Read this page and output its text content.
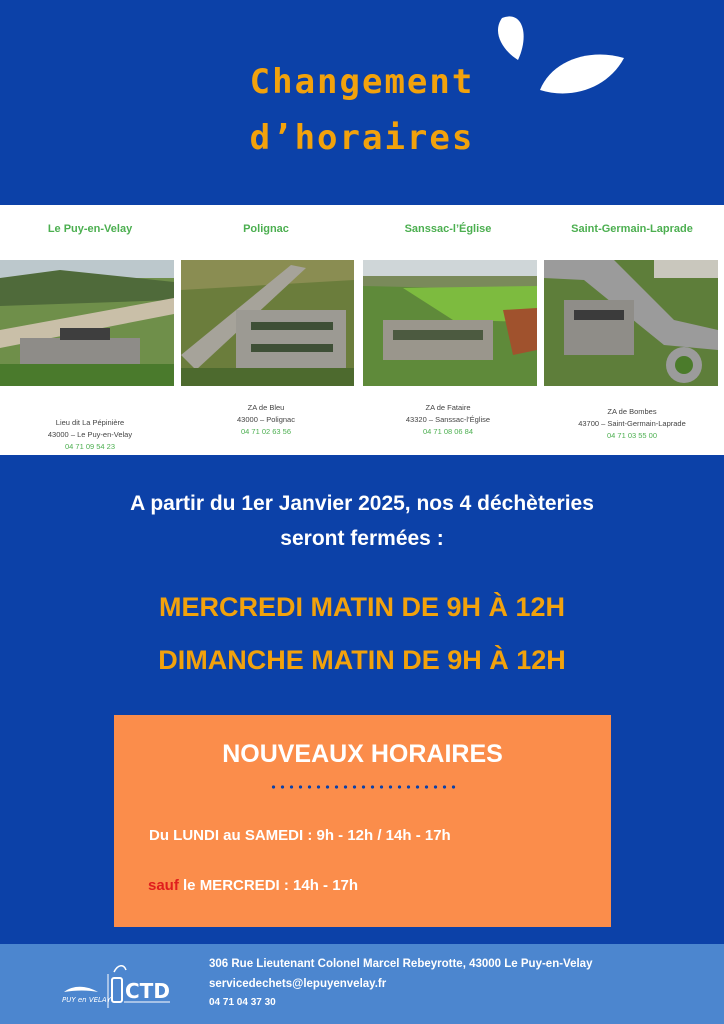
Changement
d’horaires
Le Puy-en-Velay
Lieu dit La Pépinière
43000 – Le Puy-en-Velay
04 71 09 54 23
Polignac
ZA de Bleu
43000 – Polignac
04 71 02 63 56
Sanssac-l’Église
ZA de Fataire
43320 – Sanssac-l’Église
04 71 08 06 84
Saint-Germain-Laprade
ZA de Bombes
43700 – Saint-Germain-Laprade
04 71 03 55 00
A partir du 1er Janvier 2025, nos 4 déchèteries
seront fermées :
MERCREDI MATIN DE 9H À 12H
DIMANCHE MATIN DE 9H À 12H
NOUVEAUX HORAIRES
Du LUNDI au SAMEDI : 9h - 12h / 14h - 17h
sauf le MERCREDI : 14h - 17h
PUY en VELAY CTD
306 Rue Lieutenant Colonel Marcel Rebeyrotte, 43000 Le Puy-en-Velay
servicedechets@lepuyenvelay.fr
04 71 04 37 30
